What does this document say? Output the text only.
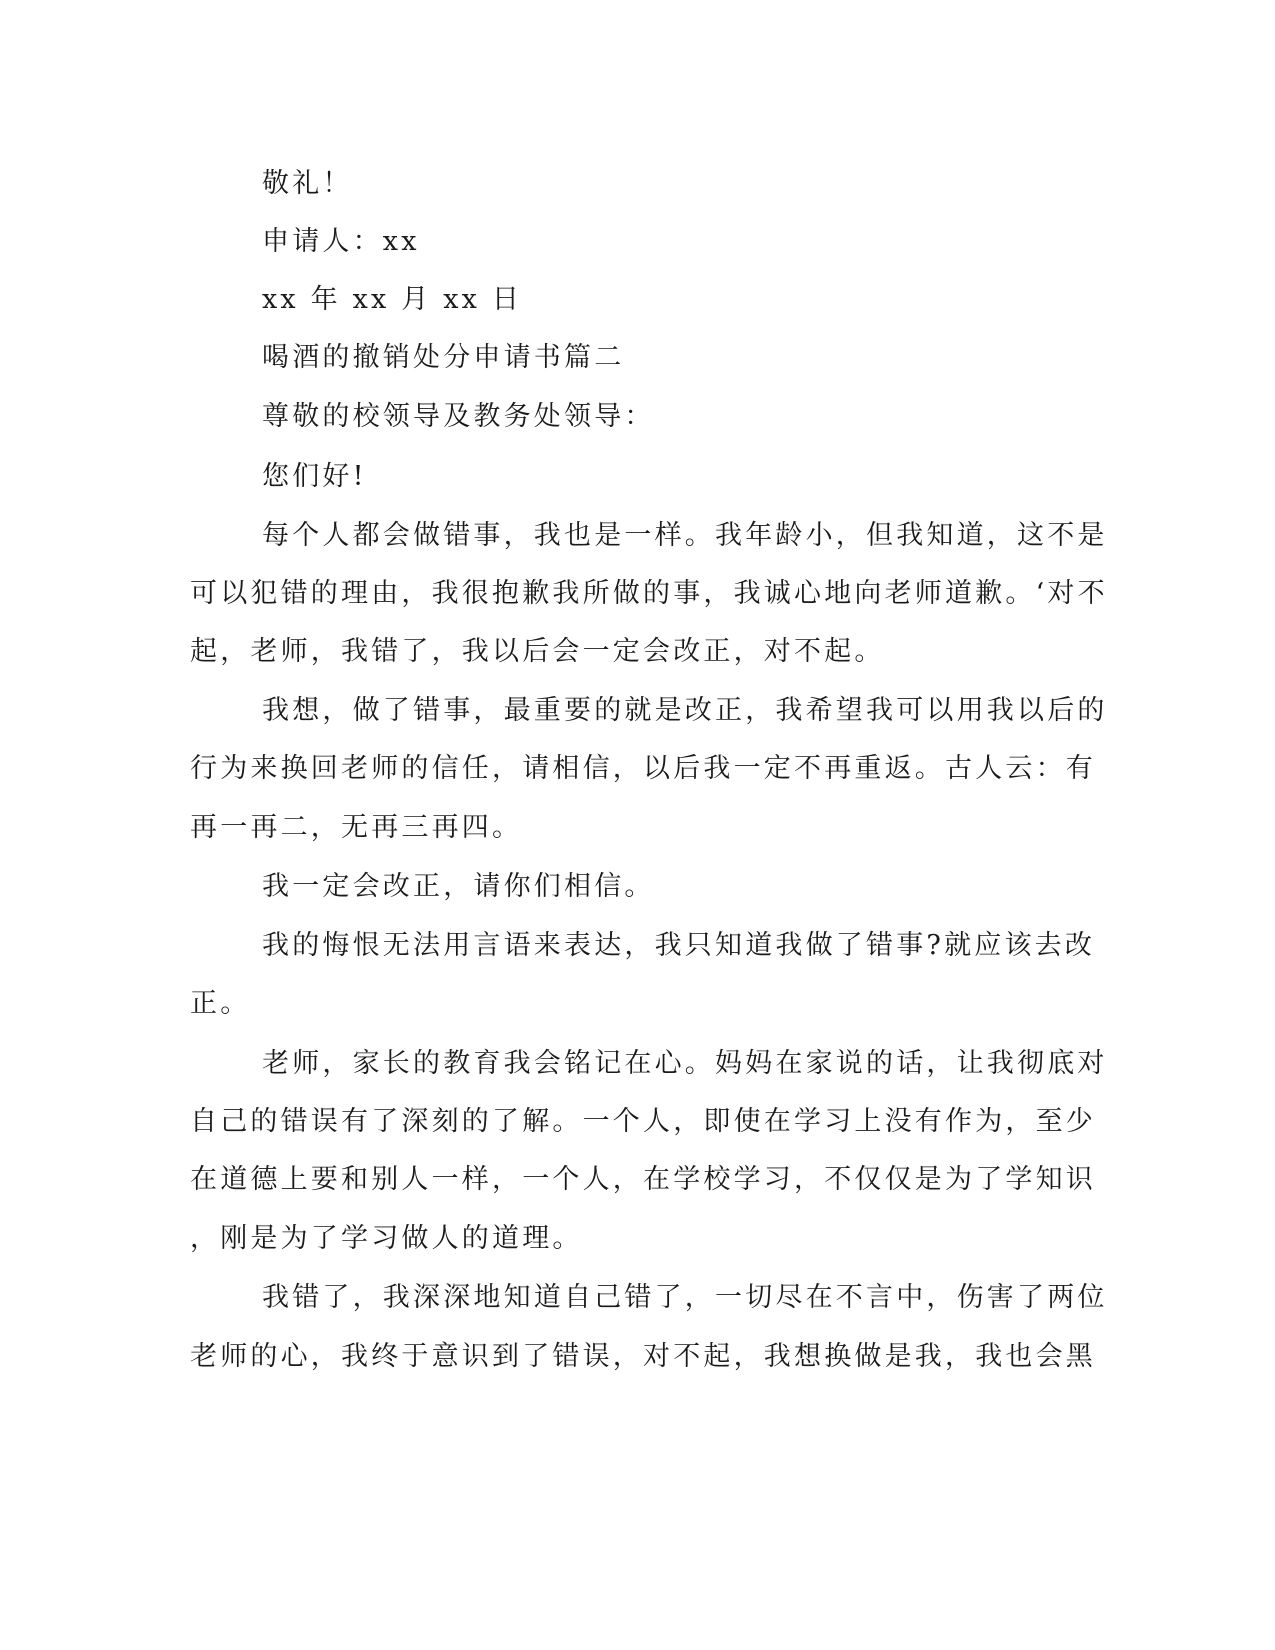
敬礼！

申请人：xx

xx 年 xx 月 xx 日

喝酒的撤销处分申请书篇二

尊敬的校领导及教务处领导：

您们好!

每个人都会做错事，我也是一样。我年龄小，但我知道，这不是

可以犯错的理由，我很抱歉我所做的事，我诚心地向老师道歉。‘对不

起，老师，我错了，我以后会一定会改正，对不起。

我想，做了错事，最重要的就是改正，我希望我可以用我以后的

行为来换回老师的信任，请相信，以后我一定不再重返。古人云：有

再一再二，无再三再四。

我一定会改正，请你们相信。

我的悔恨无法用言语来表达，我只知道我做了错事?就应该去改

正。

老师，家长的教育我会铭记在心。妈妈在家说的话，让我彻底对

自己的错误有了深刻的了解。一个人，即使在学习上没有作为，至少

在道德上要和别人一样，一个人，在学校学习，不仅仅是为了学知识

，刚是为了学习做人的道理。

我错了，我深深地知道自己错了，一切尽在不言中，伤害了两位

老师的心，我终于意识到了错误，对不起，我想换做是我，我也会黑
